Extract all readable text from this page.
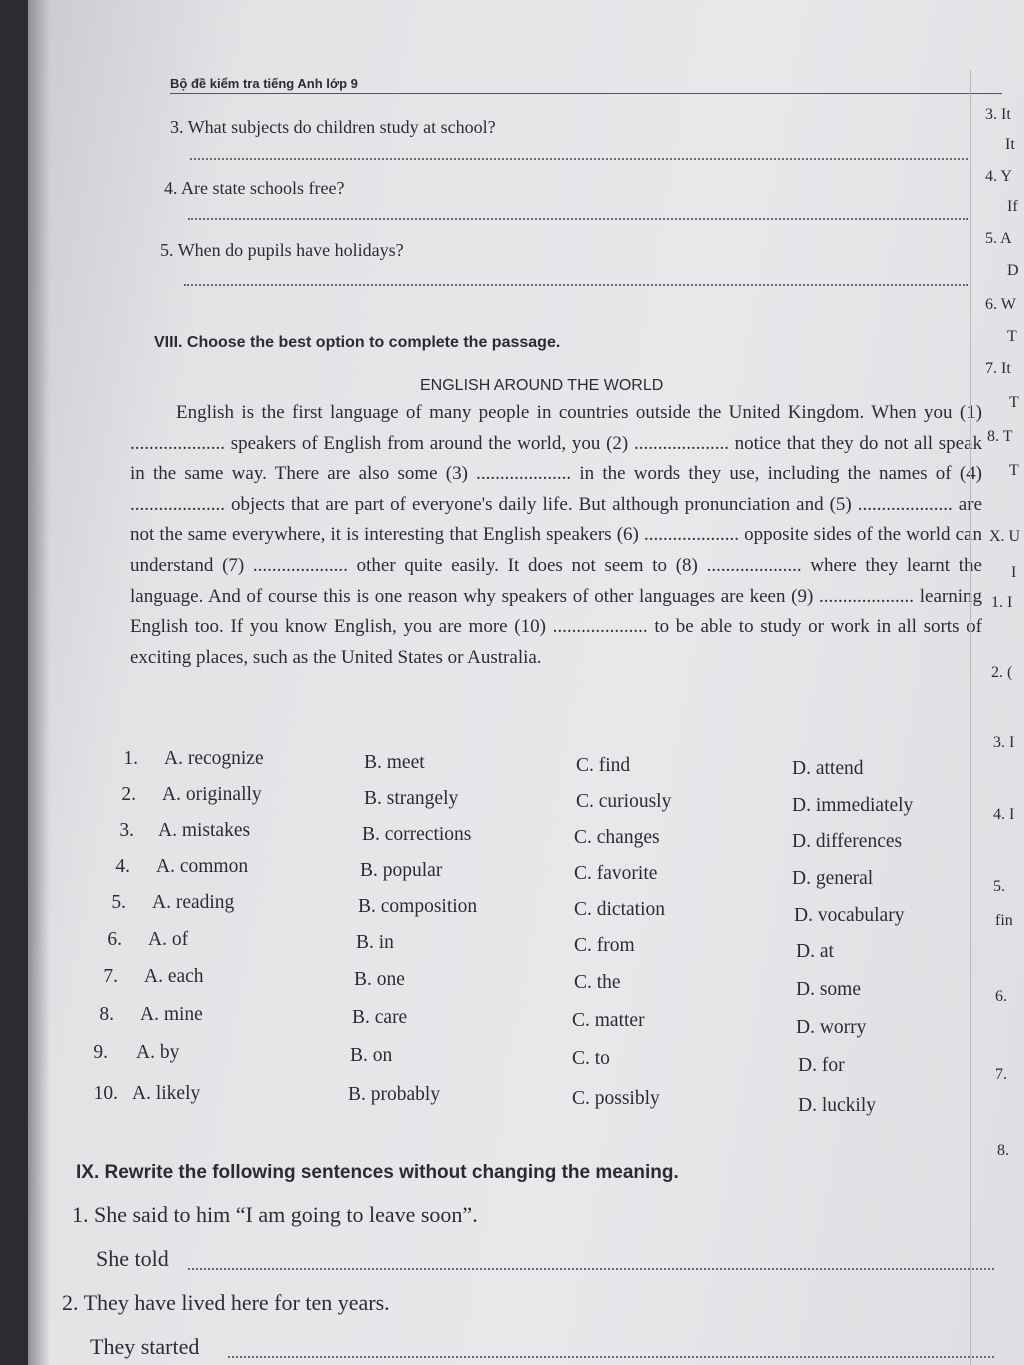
Bộ đề kiểm tra tiếng Anh lớp 9
3. What subjects do children study at school?
4. Are state schools free?
5. When do pupils have holidays?
VIII. Choose the best option to complete the passage.
ENGLISH AROUND THE WORLD

English is the first language of many people in countries outside the United Kingdom. When you (1) .................... speakers of English from around the world, you (2) .................... notice that they do not all speak in the same way. There are also some (3) .................... in the words they use, including the names of (4) .................... objects that are part of everyone's daily life. But although pronunciation and (5) .................... are not the same everywhere, it is interesting that English speakers (6) .................... opposite sides of the world can understand (7) .................... other quite easily. It does not seem to (8) .................... where they learnt the language. And of course this is one reason why speakers of other languages are keen (9) .................... learning English too. If you know English, you are more (10) .................... to be able to study or work in all sorts of exciting places, such as the United States or Australia.

1. A. recognize	B. meet	C. find	D. attend
2. A. originally	B. strangely	C. curiously	D. immediately
3. A. mistakes	B. corrections	C. changes	D. differences
4. A. common	B. popular	C. favorite	D. general
5. A. reading	B. composition	C. dictation	D. vocabulary
6. A. of	B. in	C. from	D. at
7. A. each	B. one	C. the	D. some
8. A. mine	B. care	C. matter	D. worry
9. A. by	B. on	C. to	D. for
10. A. likely	B. probably	C. possibly	D. luckily
IX. Rewrite the following sentences without changing the meaning.
1. She said to him “I am going to leave soon”.
She told
2. They have lived here for ten years.
They started
3. It
It
4. Y
If
5. A
D
6. W
T
7. It
T
8. T
T
X. U
I
1. I
2. (
3. I
4. I
5.
fin
6.
7.
8.
